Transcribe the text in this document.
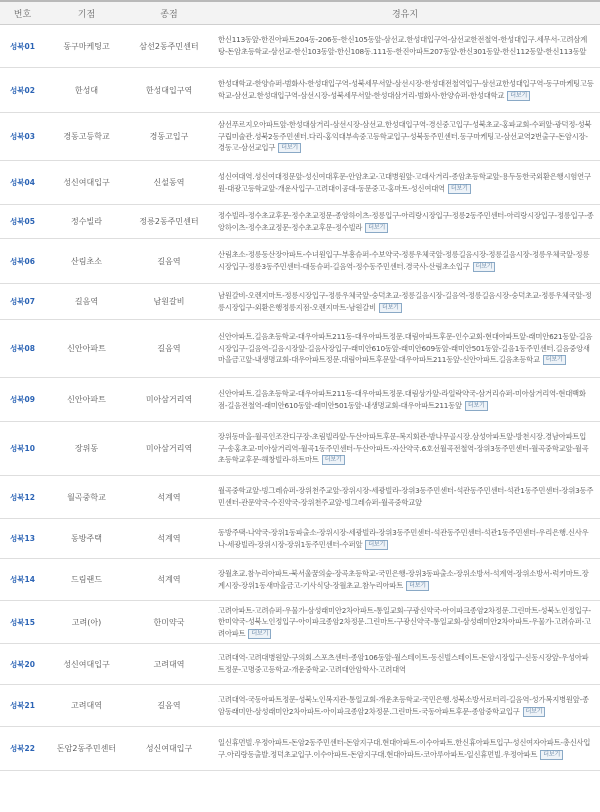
번호	기점	종점	경유지
성북01	동구마케팅고	삼선2동주민센터	한신113동앞-한진아파트204동-206동-한신105동앞-삼선교.한성대입구역-삼선교한전철역-한성대입구.세무서-고려삼계탕-돈암초등학교-삼선교-한신103동앞-한신108동.111동-한진아파트207동앞-한신301동앞-한신112동앞-한신113동앞
성북02	한성대	한성대입구역	한성대학교-한양슈퍼-범화사-한성대입구역-성북세무서앞-삼선시장-한성대전철역입구-삼선교한성대입구역-동구마케팅고등학교-삼선교.한성대입구역-삼선시장-성북세무서앞-한성대삼거리-범화사-한양슈퍼-한성대학교 더보기
성북03	경동고등학교	경동고입구	삼선푸르지오아파트앞-한성대삼거리-삼선시장-삼선교.한성대입구역-경신중고입구-성북초교-홍파교회-수퍼앞-광덕정-성북구립미술관.성북2동주민센터.다리-홍익대부속중고등학교입구-성북동주민센터.동구마케팅고-삼선교역2번출구-돈암시장-경동고-삼선교입구 더보기
성북04	성신여대입구	신설동역	성신여대역.성신여대정문앞-성신여대후문-안암초교-고대병원앞-고대사거리-종암초등학교앞-용두동한국외환은행시험연구원-대광고등학교앞-개운사입구-고려대이공대-동문중고-홍마트-성신여대역 더보기
성북05	정수빌라	정릉2동주민센터	정수빌라-정수초교후문-정수초교정문-종앙하이츠-정릉입구-아리랑시장입구-정릉2동주민센터-아리랑시장입구-정릉입구-종앙하이츠-정수초교정문-정수초교후문-정수빌라 더보기
성북06	산림초소	길음역	산림초소-정릉동산장아파트-수녀원입구-부흥슈퍼-수보약국-정릉우체국앞-정릉길음시장-정릉길음시장-정릉우체국앞-정릉시장입구-정릉3동주민센터-대동슈퍼-길음역-정수동주민센터.경국사-산림초소입구 더보기
성북07	길음역	남원갈비	남원갈비-오렌지마트-정릉시장입구-정릉우체국앞-숭덕초교-정릉길음시장-길음역-정릉길음시장-숭덕초교-정릉우체국앞-정릉시장입구-외환은행정릉지점-오렌지마트-남원갈비 더보기
성북08	신안아파트	길음역	신안아파트.길음초등학교-대우아파트211동-대우아파트정문.대림아파트후문-인수교회-현대아파트앞-래미안621동앞-길음시장입구-길음역-길음시장앞-길음사장입구-래미안610동앞-래미안609동앞-래미안501동앞-길음1동주민센터.길음중앙새마을금고앞-내생명교회-대우아파트정문.대림아파트후문앞-대우아파트211동앞-신안아파트.길음초등학교 더보기
성북09	신안아파트	미아삼거리역	신안아파트.길음초등학교-대우아파트211동-대우아파트정문.대림상가앞-라일락약국-삼거리슈퍼-미아삼거리역-현대백화점-길음전철역-래미안610동앞-래미안501동앞-내생명교회-대우아파트211동앞 더보기
성북10	장위동	미아삼거리역	장위동마을-월곡인조잔디구장-초림빌라앞-두산아파트후문-복지회관-밤나무골시장.삼성아파트앞-방천시장.경남아파트입구-송홍초교-미아삼거리역-월곡1동주민센터-두산아파트-자산약국.6호선월곡전철역-장위3동주민센터-월곡중학교앞-월곡초등학교후문-해창빌라-하트마트 더보기
성북12	월곡중학교	석계역	월곡중학교앞-빙그레슈퍼-장위천주교앞-장위시장-세광빌라-장위3동주민센터-석관동주민센터-석관1동주민센터-장위3동주민센터-관문약국-수진약국-장위천주교앞-빙그레슈퍼-월곡중학교앞
성북13	동방주택	석계역	동방주택-나약국-장위1동파출소-장위시장-세광빌라-장위3동주민센터-석관동주민센터-석관1동주민센터-우리은행.신사우나-세광빌라-장위시장-장위1동주민센터-수퍼앞 더보기
성북14	드림랜드	석계역	장월초교.참누리아파트-북서울꿈의숲-장곡초등학교-국민은행-장위3동파출소-장위소방서-석계역-장위소방서-럭키마트.장계시장-장위1동새마을금고-기사식당-장월초교.참누리아파트 더보기
성북15	고려(아)	한미약국	고려아파트-고려슈퍼-우물가-삼성래미안2차아파트-통일교회-구광신약국-아이파크종암2차정문.그린마트-성북노인정입구-한미약국-성북노인정입구-아이파크종암2차정문.그린마트-구광신약국-통일교회-삼성래미안2차아파트-우물가-고려슈퍼-고려아파트 더보기
성북20	성신여대입구	고려대역	고려대역-고려대병원앞-구의회.스포츠센터-종암106동앞-월스테이트-동신빌스테이트-돈암시장입구-신동시장앞-우성아파트정문-고명중고등학교-개운중학교-고려대안암학사-고려대역
성북21	고려대역	길음역	고려대역-국동아파트정문-성북노인복지관-통일교회-개운초등학교-국민은행.성북소방서로터리-길음역-성가복지병원앞-종암동래미안-삼성래미안2차아파트-아이파크종암2차정문.그린마트-국동아파트후문-종암중학교입구 더보기
성북22	돈암2동주민센터	성신여대입구	일신휴먼빌.우정아파트-돈암2동주민센터-돈암지구대.현대아파트-이수아파트.한신휴아파트입구-성신여자아파트-총신사입구.아리랑동출발.정덕초교입구.이수아파트-돈암지구대.현대아파트-코아루아파트-일신휴먼빌.우정아파트 더보기
